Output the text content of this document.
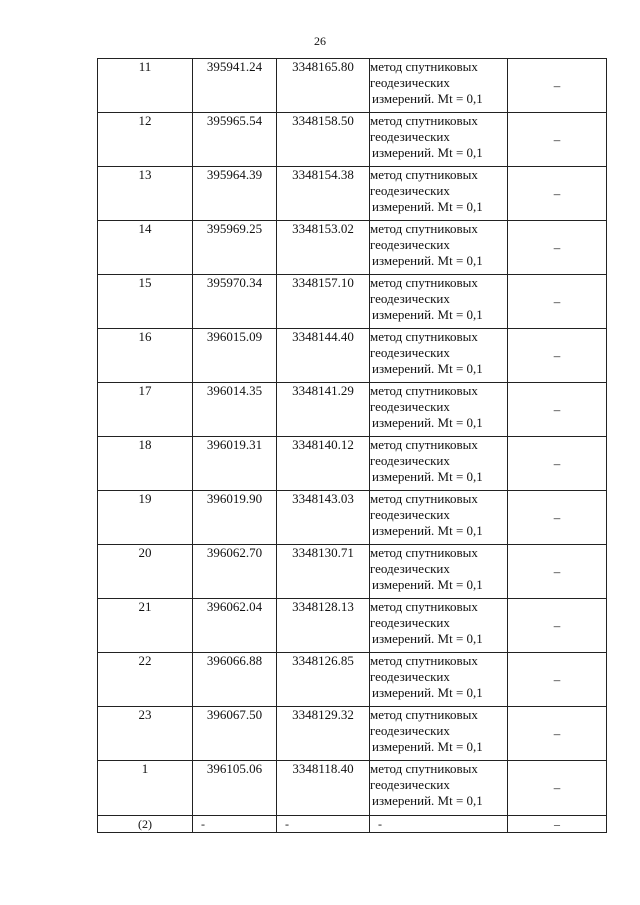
26
11	395941.24	3348165.80	метод спутниковых
геодезических
измерений. Mt = 0,1	–
12	395965.54	3348158.50	метод спутниковых
геодезических
измерений. Mt = 0,1	–
13	395964.39	3348154.38	метод спутниковых
геодезических
измерений. Mt = 0,1	–
14	395969.25	3348153.02	метод спутниковых
геодезических
измерений. Mt = 0,1	–
15	395970.34	3348157.10	метод спутниковых
геодезических
измерений. Mt = 0,1	–
16	396015.09	3348144.40	метод спутниковых
геодезических
измерений. Mt = 0,1	–
17	396014.35	3348141.29	метод спутниковых
геодезических
измерений. Mt = 0,1	–
18	396019.31	3348140.12	метод спутниковых
геодезических
измерений. Mt = 0,1	–
19	396019.90	3348143.03	метод спутниковых
геодезических
измерений. Mt = 0,1	–
20	396062.70	3348130.71	метод спутниковых
геодезических
измерений. Mt = 0,1	–
21	396062.04	3348128.13	метод спутниковых
геодезических
измерений. Mt = 0,1	–
22	396066.88	3348126.85	метод спутниковых
геодезических
измерений. Mt = 0,1	–
23	396067.50	3348129.32	метод спутниковых
геодезических
измерений. Mt = 0,1	–
1	396105.06	3348118.40	метод спутниковых
геодезических
измерений. Mt = 0,1	–
(2)	-	-	-	–
